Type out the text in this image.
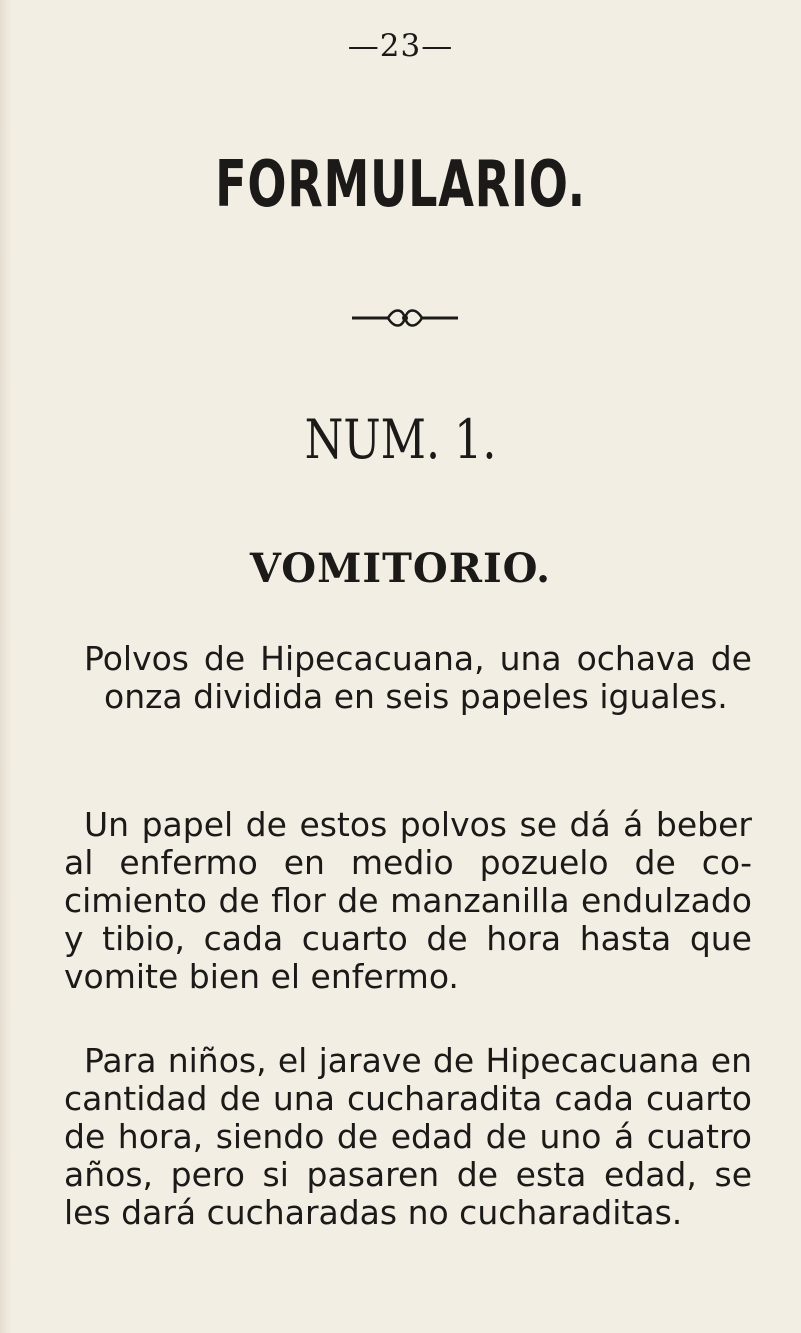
—23—
FORMULARIO.
NUM. 1.
VOMITORIO.

Polvos de Hipecacuana, una ochava de onza dividida en seis papeles iguales.

Un papel de estos polvos se dá á beber al enfermo en medio pozuelo de cocimiento de flor de manzanilla endulzado y tibio, cada cuarto de hora hasta que vomite bien el enfermo.

Para niños, el jarave de Hipecacuana en cantidad de una cucharadita cada cuarto de hora, siendo de edad de uno á cuatro años, pero si pasaren de esta edad, se les dará cucharadas no cucharaditas.
